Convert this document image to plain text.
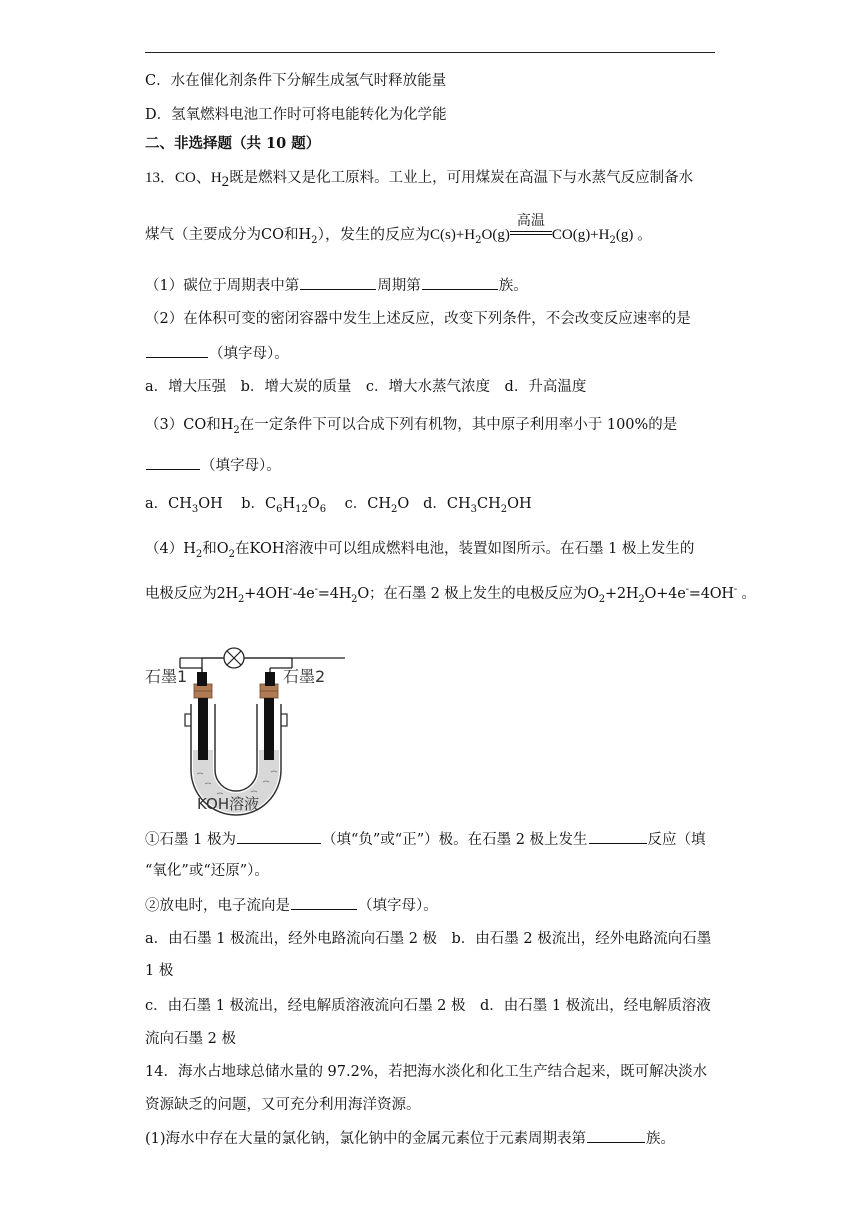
C．水在催化剂条件下分解生成氢气时释放能量
D．氢氧燃料电池工作时可将电能转化为化学能
二、非选择题（共 10 题）
13．CO、$H_2$既是燃料又是化工原料。工业上，可用煤炭在高温下与水蒸气反应制备水
煤气（主要成分为CO和$H_2$），发生的反应为$C(s)+H_2O(g)$
高温
$CO(g)+H_2(g)$ 。
（1）碳位于周期表中第	周期第	族。
（2）在体积可变的密闭容器中发生上述反应，改变下列条件，不会改变反应速率的是
（填字母）。
a．增大压强　b．增大炭的质量　c．增大水蒸气浓度　d．升高温度
（3）CO和$H_2$在一定条件下可以合成下列有机物，其中原子利用率小于 100%的是
（填字母）。
a．$CH_3OH$ b．$C_6H_{12}O_6$ c．$CH_2O$ d．$CH_3CH_2OH$
$(4)H_2$和$O_2$在KOH溶液中可以组成燃料电池，装置如图所示。在石墨 1 极上发生的
电极反应为$2H_2+4OH^--4e^-=4H_2O$；在石墨 2 极上发生的电极反应为$O_2+2H_2O+4e^-=4OH^-$ 。
石墨1	石墨2
KOH溶液
①石墨 1 极为	（填“负”或“正”）极。在石墨 2 极上发生	反应（填
“氧化”或“还原”）。
②放电时，电子流向是	（填字母）。
a．由石墨 1 极流出，经外电路流向石墨 2 极　b．由石墨 2 极流出，经外电路流向石墨
1 极
c．由石墨 1 极流出，经电解质溶液流向石墨 2 极　d．由石墨 1 极流出，经电解质溶液
流向石墨 2 极
14．海水占地球总储水量的 97.2%，若把海水淡化和化工生产结合起来，既可解决淡水
资源缺乏的问题，又可充分利用海洋资源。
(1)海水中存在大量的氯化钠，氯化钠中的金属元素位于元素周期表第	族。
